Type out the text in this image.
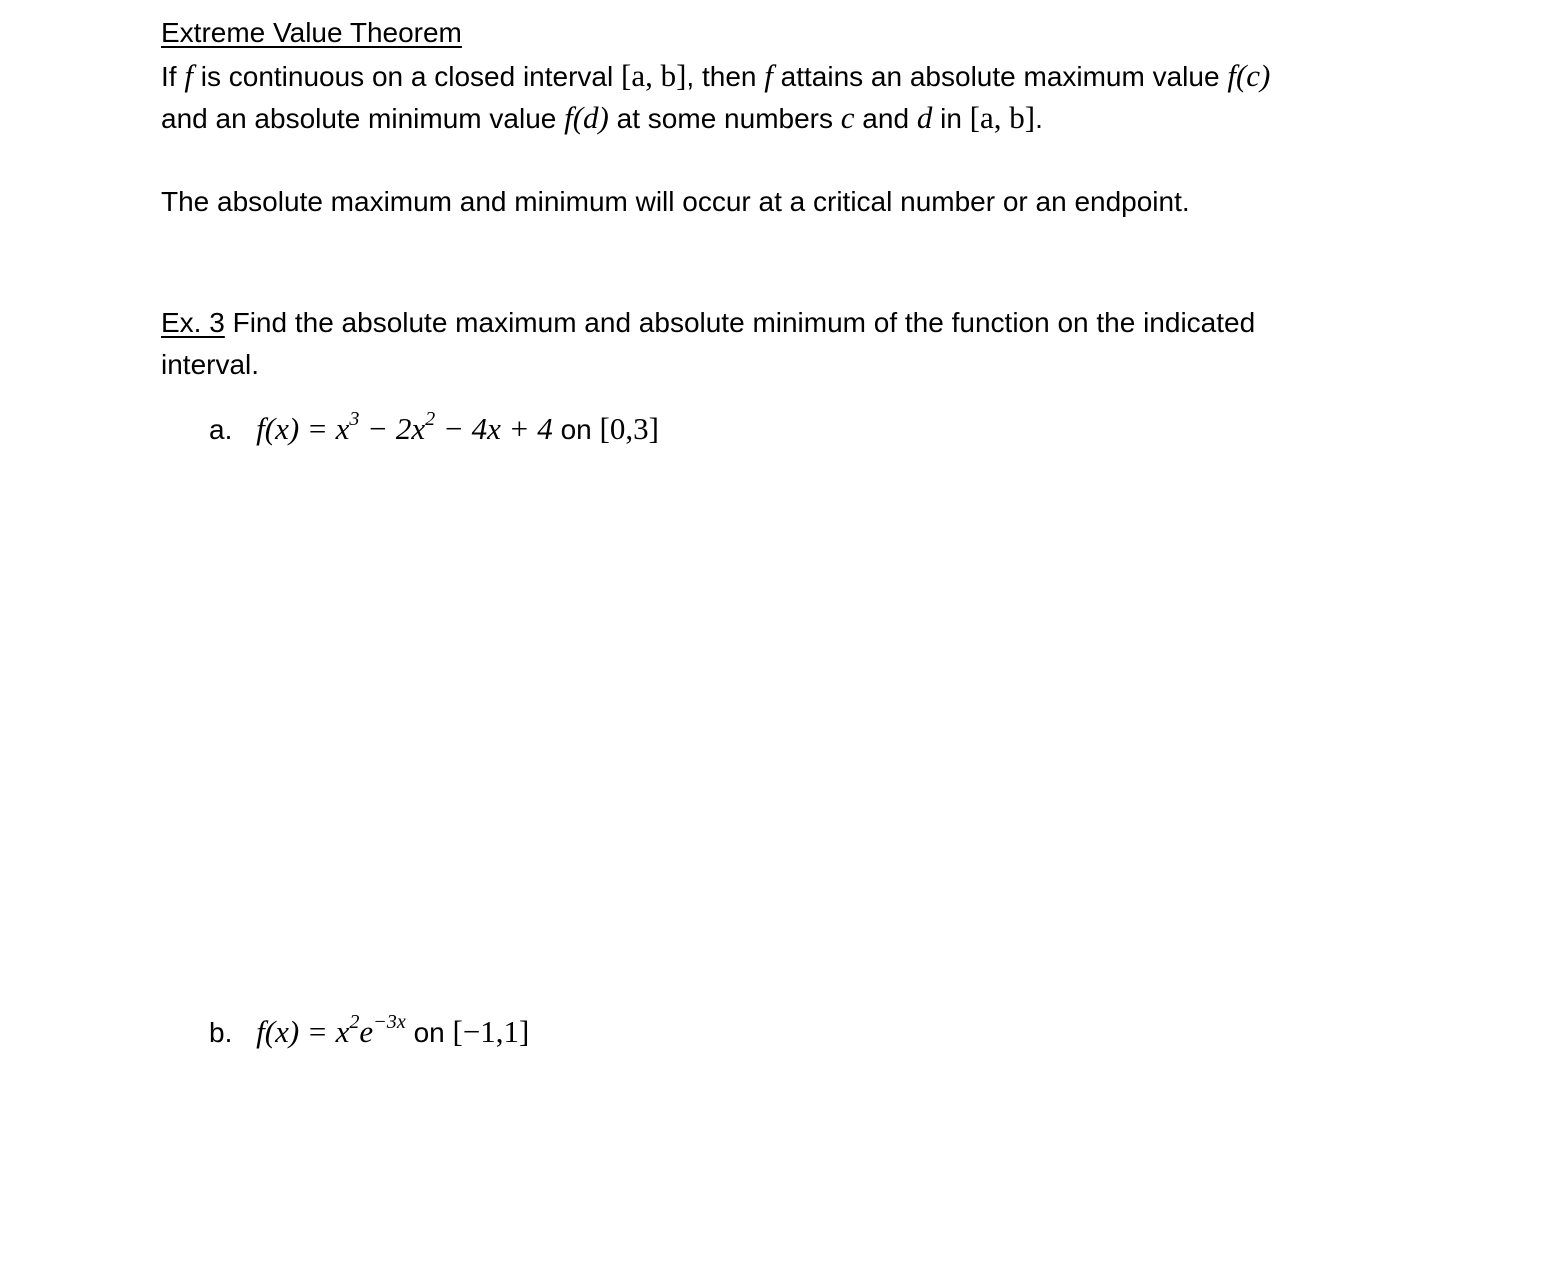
Extreme Value Theorem
If f is continuous on a closed interval [a, b], then f attains an absolute maximum value f(c)
and an absolute minimum value f(d) at some numbers c and d in [a, b].
The absolute maximum and minimum will occur at a critical number or an endpoint.
Ex. 3 Find the absolute maximum and absolute minimum of the function on the indicated
interval.
a. $f(x) = x^3 - 2x^2 - 4x + 4$ on [0,3]
b. $f(x) = x^2e^{-3x}$ on [−1,1]
